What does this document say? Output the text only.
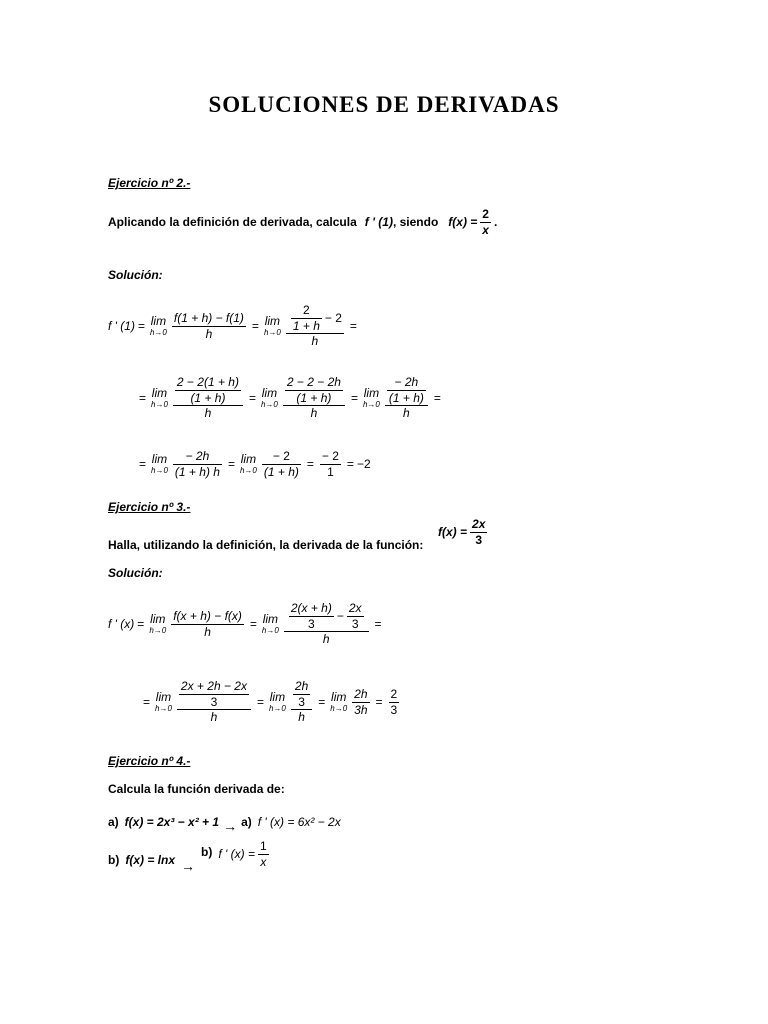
SOLUCIONES DE DERIVADAS
Ejercicio nº 2.-
Aplicando la definición de derivada, calcula f ' (1) , siendo $f(x) = \frac{2}{x}$ .
Solución:
f ' (1) = lim
$h\to 0 \frac{f(1 + h) - f(1)}{h} = \lim$
$h\to 0 \frac{\frac{2}{1 + h} - 2}{h}$ =
= lim
$h\to 0 \frac{\frac{2 - 2(1 + h)}{(1 + h)}}{h} = \lim$
$h\to 0 \frac{\frac{2 - 2 - 2h}{(1 + h)}}{h} = \lim$
$h\to 0 \frac{\frac{- 2h}{(1 + h)}}{h}$ =
= lim
$h\to 0 \frac{- 2h}{(1 + h) h} = \lim$
$h\to 0 \frac{- 2}{(1 + h)} = \frac{- 2}{1} = -2$
Ejercicio nº 3.-
$f(x) = \frac{2x}{3}$
Halla, utilizando la definición, la derivada de la función:
Solución:
f ' (x) = lim
$h\to 0 \frac{f(x + h) - f(x)}{h} = \lim$
$h\to 0 \frac{\frac{2(x + h)}{3} - \frac{2x}{3}}{h}$ =
= lim
$h\to 0 \frac{\frac{2x + 2h - 2x}{3}}{h} = \lim$
$h\to 0 \frac{\frac{2h}{3}}{h} = \lim$
$h\to 0 \frac{2h}{3h} = \frac{2}{3}$
Ejercicio nº 4.-
Calcula la función derivada de:
a) f(x) = 2x³ − x² + 1 → a) f ' (x) = 6x² − 2x
b) f(x) = lnx →
b) f ' $(x) = \frac{1}{x}$
